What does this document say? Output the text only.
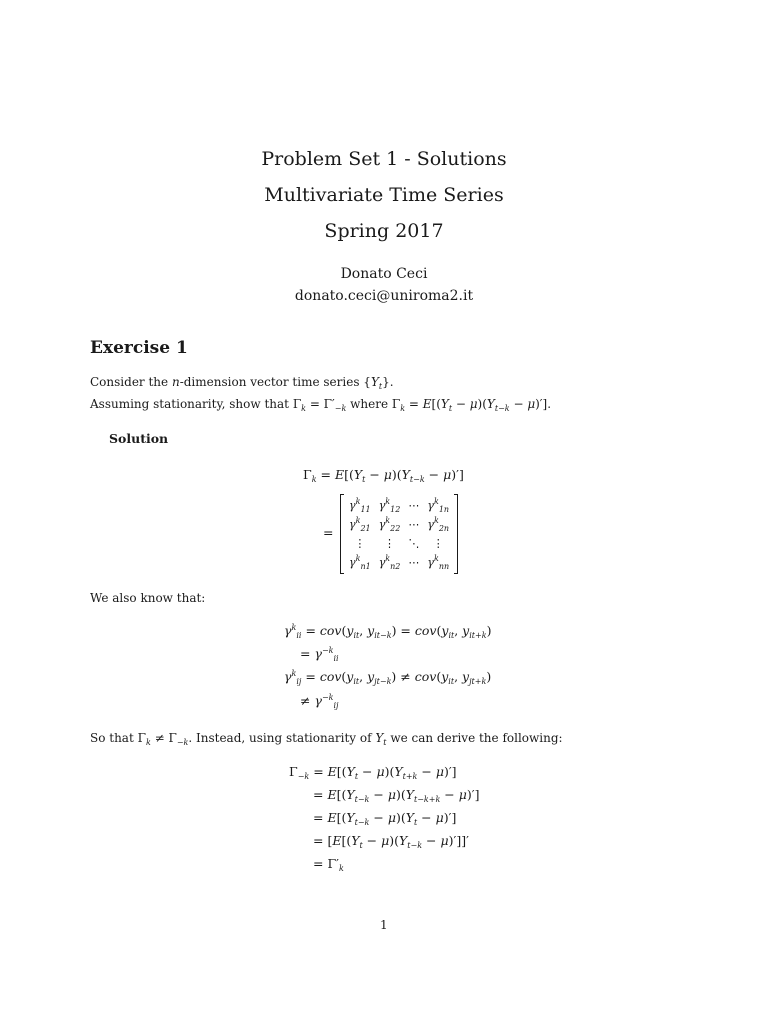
Problem Set 1 - Solutions
Multivariate Time Series
Spring 2017
Donato Ceci
donato.ceci@uniroma2.it
Exercise 1
Consider the n-dimension vector time series $\{Y_t\}$.
Assuming stationarity, show that $\Gamma_k = \Gamma'_{-k}$ where $\Gamma_k = E[(Y_t - \mu)(Y_{t-k} - \mu)']$.
Solution
$\Gamma_k = E[(Y_t - \mu)(Y_{t-k} - \mu)']$
=
$\gamma^k_{11}$	$\gamma^k_{12}$	⋯	$\gamma^k_{1n}$
$\gamma^k_{21}$	$\gamma^k_{22}$	⋯	$\gamma^k_{2n}$
⋮	⋮	⋱	⋮
$\gamma^k_{n1}$	$\gamma^k_{n2}$	⋯	$\gamma^k_{nn}$
We also know that:
$\gamma^k_{ii} = cov(y_{it}$, $y_{it-k}) = cov(y_{it}$, $y_{it+k}$)
= $\gamma^{-k}_{ii}$
$\gamma^k_{ij} = cov(y_{it}$, $y_{jt-k}) \ne cov(y_{it}$, $y_{jt+k}$)
≠ $\gamma^{-k}_{ij}$
So that $\Gamma_k \ne \Gamma_{-k}$. Instead, using stationarity of $Y_t$ we can derive the following:
$\Gamma_{-k} = E[(Y_t - \mu)(Y_{t+k} - \mu)']$
= $E[(Y_{t-k} - \mu)(Y_{t-k+k} - \mu)']$
= $E[(Y_{t-k} - \mu)(Y_t - \mu)']$
= $[E[(Y_t - \mu)(Y_{t-k} - \mu)']]'$
= $\Gamma'_k$
1
